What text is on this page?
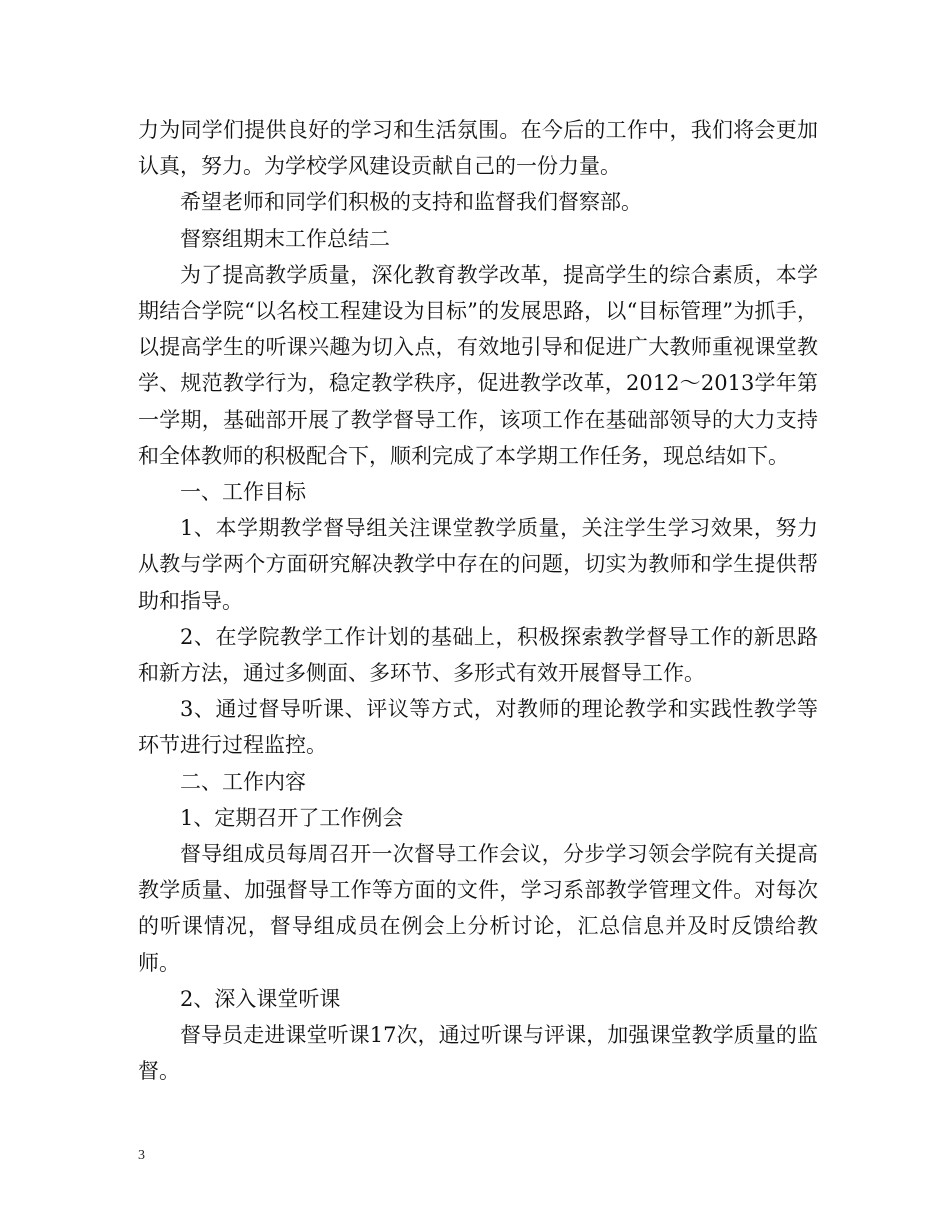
力为同学们提供良好的学习和生活氛围。在今后的工作中，我们将会更加认真，努力。为学校学风建设贡献自己的一份力量。

希望老师和同学们积极的支持和监督我们督察部。

督察组期末工作总结二

为了提高教学质量，深化教育教学改革，提高学生的综合素质，本学期结合学院“以名校工程建设为目标”的发展思路，以“目标管理”为抓手，以提高学生的听课兴趣为切入点，有效地引导和促进广大教师重视课堂教学、规范教学行为，稳定教学秩序，促进教学改革，2012～2013学年第一学期，基础部开展了教学督导工作，该项工作在基础部领导的大力支持和全体教师的积极配合下，顺利完成了本学期工作任务，现总结如下。

一、工作目标

1、本学期教学督导组关注课堂教学质量，关注学生学习效果，努力从教与学两个方面研究解决教学中存在的问题，切实为教师和学生提供帮助和指导。

2、在学院教学工作计划的基础上，积极探索教学督导工作的新思路和新方法，通过多侧面、多环节、多形式有效开展督导工作。

3、通过督导听课、评议等方式，对教师的理论教学和实践性教学等环节进行过程监控。

二、工作内容

1、定期召开了工作例会

督导组成员每周召开一次督导工作会议，分步学习领会学院有关提高教学质量、加强督导工作等方面的文件，学习系部教学管理文件。对每次的听课情况，督导组成员在例会上分析讨论，汇总信息并及时反馈给教师。

2、深入课堂听课

督导员走进课堂听课17次，通过听课与评课，加强课堂教学质量的监督。

3
